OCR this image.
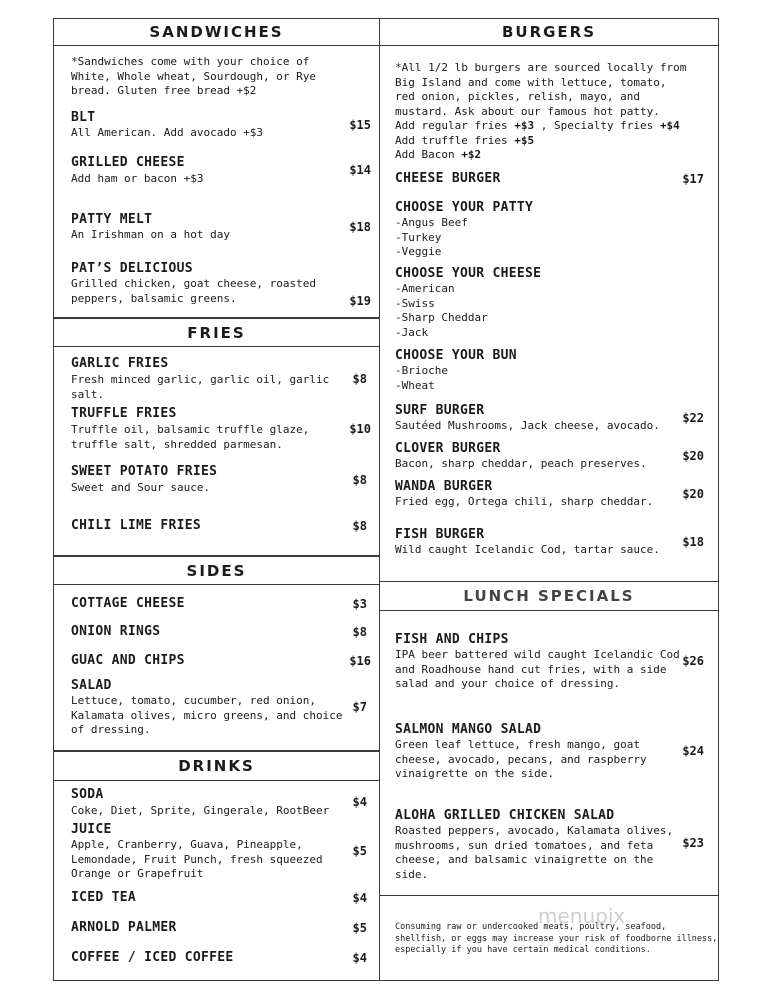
SANDWICHES
*Sandwiches come with your choice of
White, Whole wheat, Sourdough, or Rye
bread. Gluten free bread +$2
BLT
All American. Add avocado +$3
$15
GRILLED CHEESE
Add ham or bacon +$3
$14
PATTY MELT
An Irishman on a hot day
$18
PAT’S DELICIOUS
Grilled chicken, goat cheese, roasted
peppers, balsamic greens.	$19
FRIES
GARLIC FRIES
Fresh minced garlic, garlic oil, garlic
salt.
$8
TRUFFLE FRIES
Truffle oil, balsamic truffle glaze,
truffle salt, shredded parmesan.
$10
SWEET POTATO FRIES
Sweet and Sour sauce.
$8
CHILI LIME FRIES	$8
SIDES
COTTAGE CHEESE	$3
ONION RINGS	$8
GUAC AND CHIPS	$16
SALAD
Lettuce, tomato, cucumber, red onion,
Kalamata olives, micro greens, and choice
of dressing.
$7
DRINKS
SODA
Coke, Diet, Sprite, Gingerale, RootBeer
$4
JUICE
Apple, Cranberry, Guava, Pineapple,
Lemondade, Fruit Punch, fresh squeezed
Orange or Grapefruit
$5
ICED TEA	$4
ARNOLD PALMER	$5
COFFEE / ICED COFFEE	$4
BURGERS
*All 1/2 lb burgers are sourced locally from
Big Island and come with lettuce, tomato,
red onion, pickles, relish, mayo, and
mustard. Ask about our famous hot patty.
Add regular fries +$3 , Specialty fries +$4
Add truffle fries +$5
Add Bacon +$2
CHEESE BURGER	$17
CHOOSE YOUR PATTY
-Angus Beef
-Turkey
-Veggie
CHOOSE YOUR CHEESE
-American
-Swiss
-Sharp Cheddar
-Jack
CHOOSE YOUR BUN
-Brioche
-Wheat
SURF BURGER
Sautéed Mushrooms, Jack cheese, avocado.
$22
CLOVER BURGER
Bacon, sharp cheddar, peach preserves.
$20
WANDA BURGER
Fried egg, Ortega chili, sharp cheddar.
$20
FISH BURGER
Wild caught Icelandic Cod, tartar sauce.
$18
LUNCH SPECIALS
FISH AND CHIPS
IPA beer battered wild caught Icelandic Cod
and Roadhouse hand cut fries, with a side
salad and your choice of dressing.
$26
SALMON MANGO SALAD
Green leaf lettuce, fresh mango, goat
cheese, avocado, pecans, and raspberry
vinaigrette on the side.
$24
ALOHA GRILLED CHICKEN SALAD
Roasted peppers, avocado, Kalamata olives,
mushrooms, sun dried tomatoes, and feta
cheese, and balsamic vinaigrette on the
side.
$23
Consuming raw or undercooked meats, poultry, seafood,
shellfish, or eggs may increase your risk of foodborne illness,
especially if you have certain medical conditions.
menupix
